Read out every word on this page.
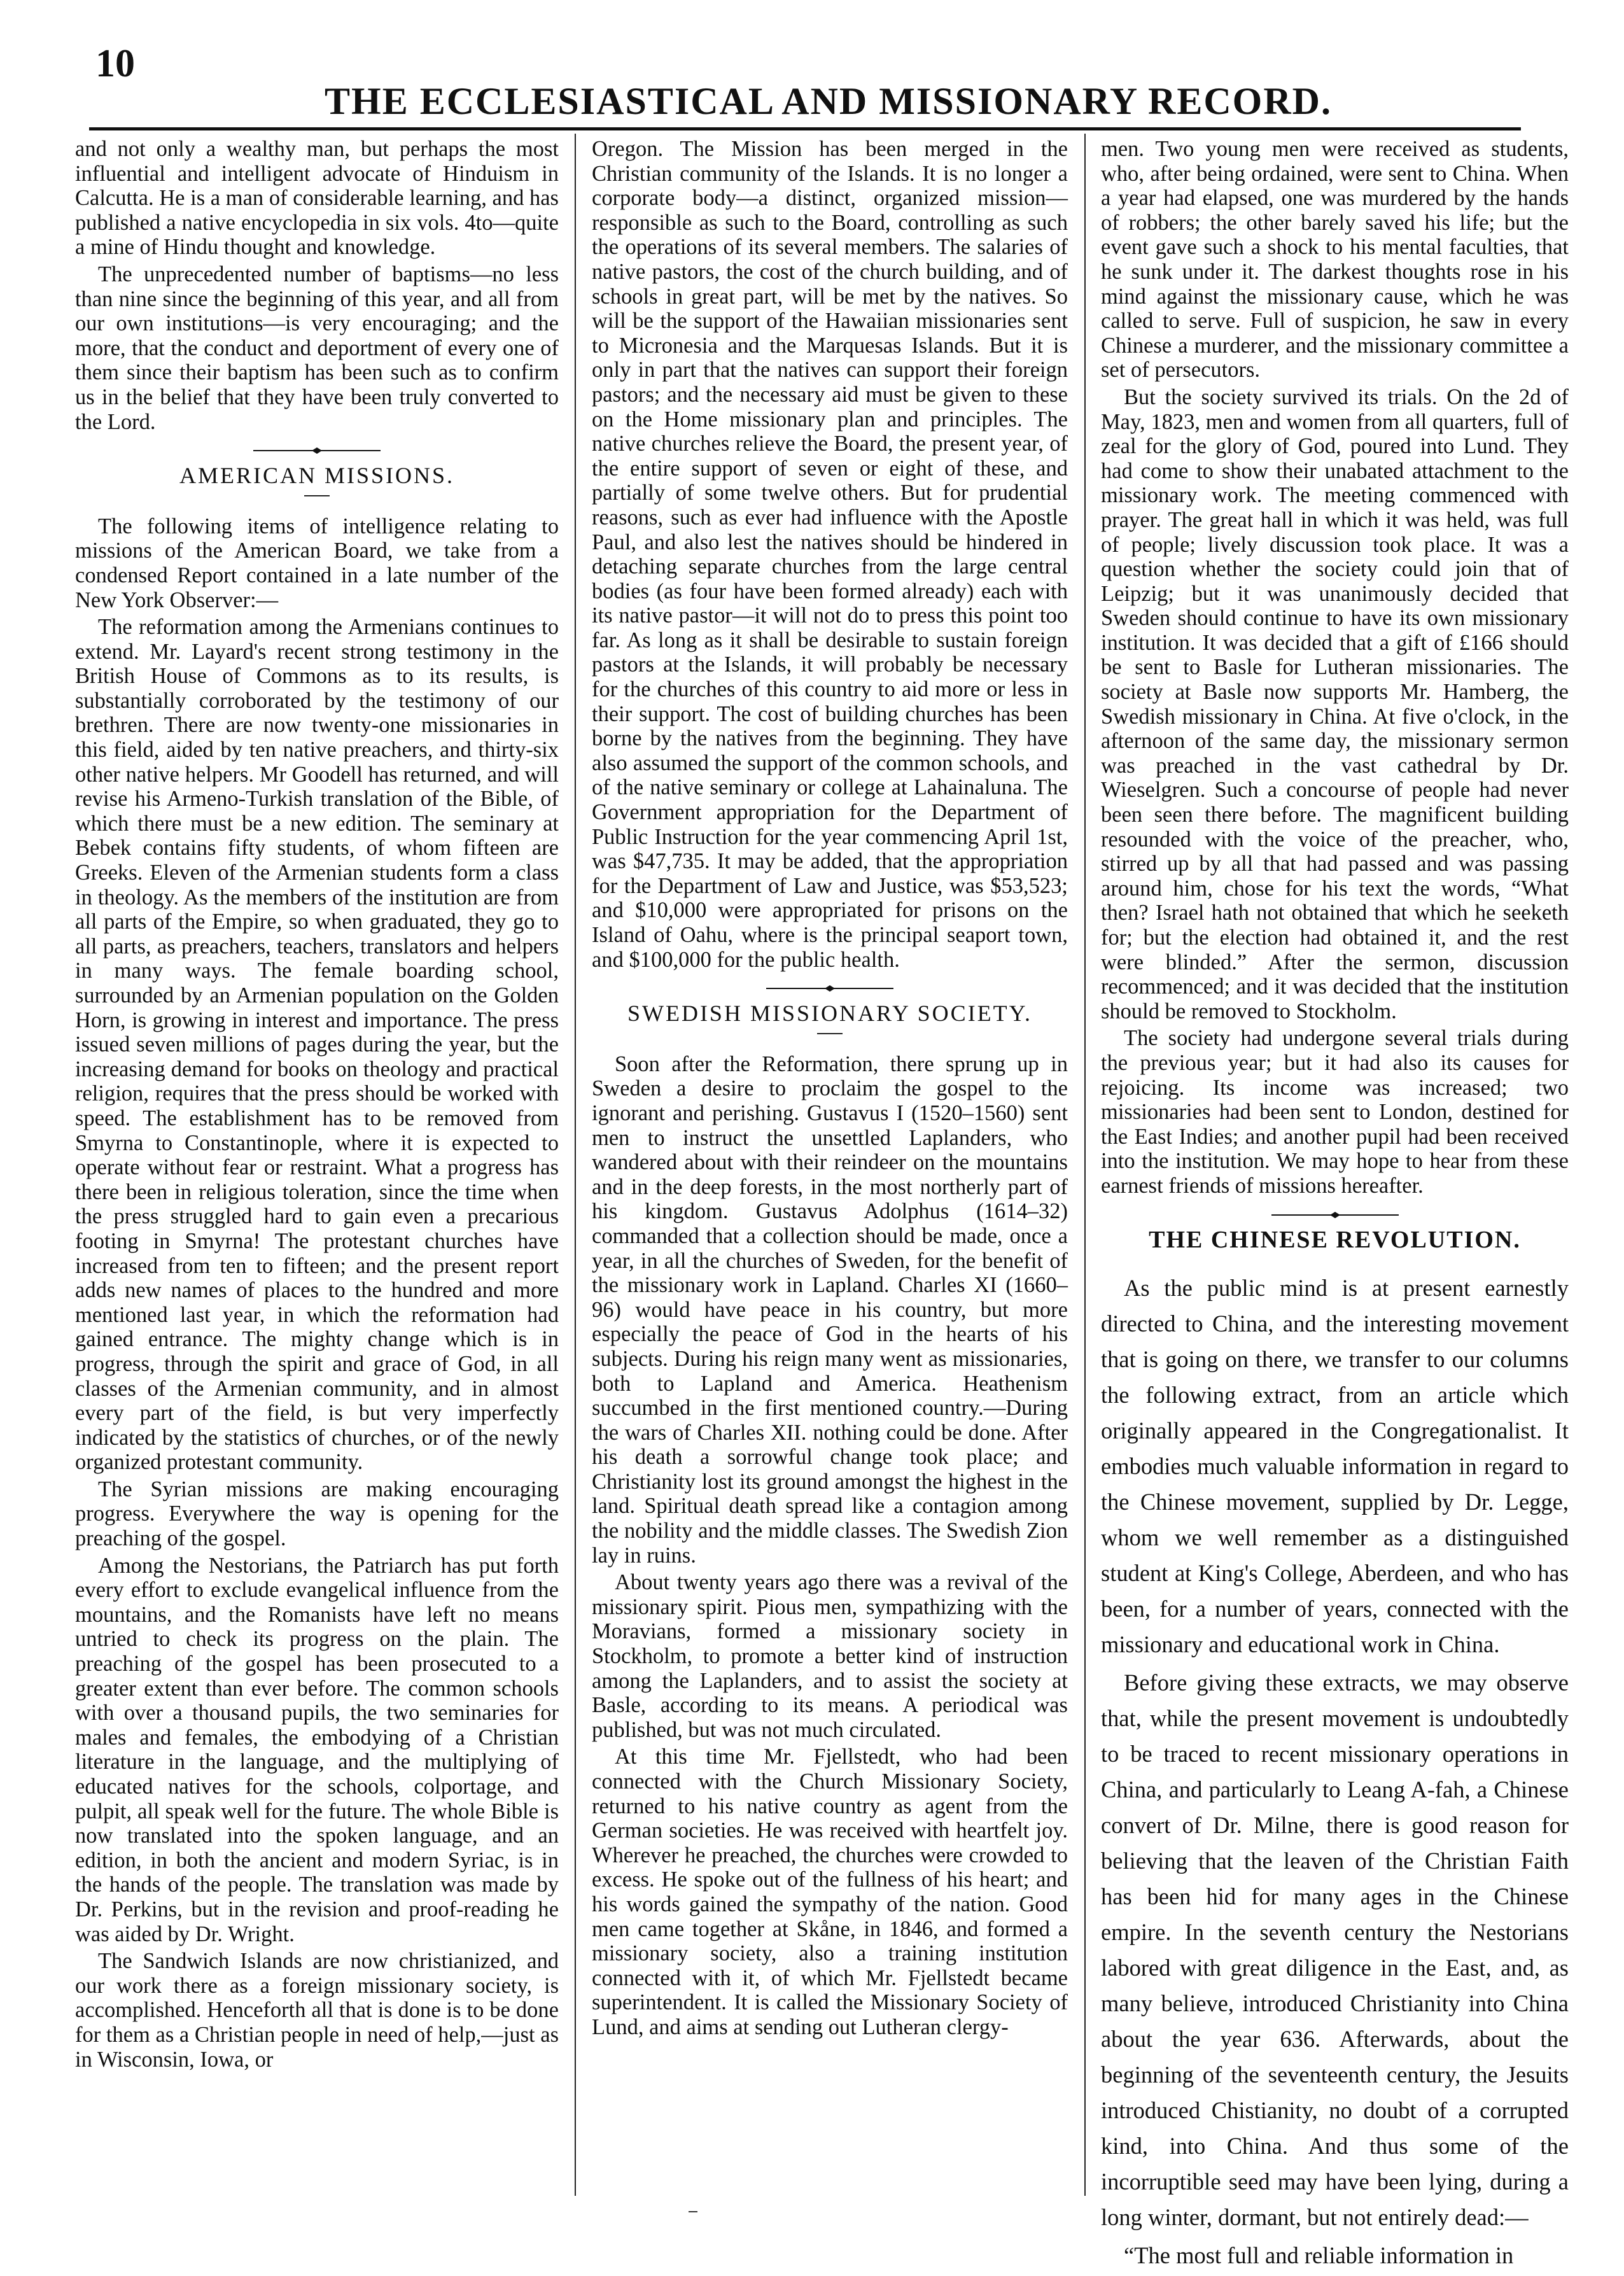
10
THE ECCLESIASTICAL AND MISSIONARY RECORD.

and not only a wealthy man, but perhaps the most influential and intelligent advocate of Hinduism in Calcutta. He is a man of considerable learning, and has published a native encyclopedia in six vols. 4to—quite a mine of Hindu thought and knowledge.

The unprecedented number of baptisms—no less than nine since the beginning of this year, and all from our own institutions—is very encouraging; and the more, that the conduct and deportment of every one of them since their baptism has been such as to confirm us in the belief that they have been truly converted to the Lord.

AMERICAN MISSIONS.

The following items of intelligence relating to missions of the American Board, we take from a condensed Report contained in a late number of the New York Observer:—

The reformation among the Armenians continues to extend. Mr. Layard's recent strong testimony in the British House of Commons as to its results, is substantially corroborated by the testimony of our brethren. There are now twenty-one missionaries in this field, aided by ten native preachers, and thirty-six other native helpers. Mr Goodell has returned, and will revise his Armeno-Turkish translation of the Bible, of which there must be a new edition. The seminary at Bebek contains fifty students, of whom fifteen are Greeks. Eleven of the Armenian students form a class in theology. As the members of the institution are from all parts of the Empire, so when graduated, they go to all parts, as preachers, teachers, translators and helpers in many ways. The female boarding school, surrounded by an Armenian population on the Golden Horn, is growing in interest and importance. The press issued seven millions of pages during the year, but the increasing demand for books on theology and practical religion, requires that the press should be worked with speed. The establishment has to be removed from Smyrna to Constantinople, where it is expected to operate without fear or restraint. What a progress has there been in religious toleration, since the time when the press struggled hard to gain even a precarious footing in Smyrna! The protestant churches have increased from ten to fifteen; and the present report adds new names of places to the hundred and more mentioned last year, in which the reformation had gained entrance. The mighty change which is in progress, through the spirit and grace of God, in all classes of the Armenian community, and in almost every part of the field, is but very imperfectly indicated by the statistics of churches, or of the newly organized protestant community.

The Syrian missions are making encouraging progress. Everywhere the way is opening for the preaching of the gospel.

Among the Nestorians, the Patriarch has put forth every effort to exclude evangelical influence from the mountains, and the Romanists have left no means untried to check its progress on the plain. The preaching of the gospel has been prosecuted to a greater extent than ever before. The common schools with over a thousand pupils, the two seminaries for males and females, the embodying of a Christian literature in the language, and the multiplying of educated natives for the schools, colportage, and pulpit, all speak well for the future. The whole Bible is now translated into the spoken language, and an edition, in both the ancient and modern Syriac, is in the hands of the people. The translation was made by Dr. Perkins, but in the revision and proof-reading he was aided by Dr. Wright.

The Sandwich Islands are now christianized, and our work there as a foreign missionary society, is accomplished. Henceforth all that is done is to be done for them as a Christian people in need of help,—just as in Wisconsin, Iowa, or

Oregon. The Mission has been merged in the Christian community of the Islands. It is no longer a corporate body—a distinct, organized mission—responsible as such to the Board, controlling as such the operations of its several members. The salaries of native pastors, the cost of the church building, and of schools in great part, will be met by the natives. So will be the support of the Hawaiian missionaries sent to Micronesia and the Marquesas Islands. But it is only in part that the natives can support their foreign pastors; and the necessary aid must be given to these on the Home missionary plan and principles. The native churches relieve the Board, the present year, of the entire support of seven or eight of these, and partially of some twelve others. But for prudential reasons, such as ever had influence with the Apostle Paul, and also lest the natives should be hindered in detaching separate churches from the large central bodies (as four have been formed already) each with its native pastor—it will not do to press this point too far. As long as it shall be desirable to sustain foreign pastors at the Islands, it will probably be necessary for the churches of this country to aid more or less in their support. The cost of building churches has been borne by the natives from the beginning. They have also assumed the support of the common schools, and of the native seminary or college at Lahainaluna. The Government appropriation for the Department of Public Instruction for the year commencing April 1st, was $47,735. It may be added, that the appropriation for the Department of Law and Justice, was $53,523; and $10,000 were appropriated for prisons on the Island of Oahu, where is the principal seaport town, and $100,000 for the public health.

SWEDISH MISSIONARY SOCIETY.

Soon after the Reformation, there sprung up in Sweden a desire to proclaim the gospel to the ignorant and perishing. Gustavus I (1520–1560) sent men to instruct the unsettled Laplanders, who wandered about with their reindeer on the mountains and in the deep forests, in the most northerly part of his kingdom. Gustavus Adolphus (1614–32) commanded that a collection should be made, once a year, in all the churches of Sweden, for the benefit of the missionary work in Lapland. Charles XI (1660–96) would have peace in his country, but more especially the peace of God in the hearts of his subjects. During his reign many went as missionaries, both to Lapland and America. Heathenism succumbed in the first mentioned country.—During the wars of Charles XII. nothing could be done. After his death a sorrowful change took place; and Christianity lost its ground amongst the highest in the land. Spiritual death spread like a contagion among the nobility and the middle classes. The Swedish Zion lay in ruins.

About twenty years ago there was a revival of the missionary spirit. Pious men, sympathizing with the Moravians, formed a missionary society in Stockholm, to promote a better kind of instruction among the Laplanders, and to assist the society at Basle, according to its means. A periodical was published, but was not much circulated.

At this time Mr. Fjellstedt, who had been connected with the Church Missionary Society, returned to his native country as agent from the German societies. He was received with heartfelt joy. Wherever he preached, the churches were crowded to excess. He spoke out of the fullness of his heart; and his words gained the sympathy of the nation. Good men came together at Skåne, in 1846, and formed a missionary society, also a training institution connected with it, of which Mr. Fjellstedt became superintendent. It is called the Missionary Society of Lund, and aims at sending out Lutheran clergy-

men. Two young men were received as students, who, after being ordained, were sent to China. When a year had elapsed, one was murdered by the hands of robbers; the other barely saved his life; but the event gave such a shock to his mental faculties, that he sunk under it. The darkest thoughts rose in his mind against the missionary cause, which he was called to serve. Full of suspicion, he saw in every Chinese a murderer, and the missionary committee a set of persecutors.

But the society survived its trials. On the 2d of May, 1823, men and women from all quarters, full of zeal for the glory of God, poured into Lund. They had come to show their unabated attachment to the missionary work. The meeting commenced with prayer. The great hall in which it was held, was full of people; lively discussion took place. It was a question whether the society could join that of Leipzig; but it was unanimously decided that Sweden should continue to have its own missionary institution. It was decided that a gift of £166 should be sent to Basle for Lutheran missionaries. The society at Basle now supports Mr. Hamberg, the Swedish missionary in China. At five o'clock, in the afternoon of the same day, the missionary sermon was preached in the vast cathedral by Dr. Wieselgren. Such a concourse of people had never been seen there before. The magnificent building resounded with the voice of the preacher, who, stirred up by all that had passed and was passing around him, chose for his text the words, “What then? Israel hath not obtained that which he seeketh for; but the election had obtained it, and the rest were blinded.” After the sermon, discussion recommenced; and it was decided that the institution should be removed to Stockholm.

The society had undergone several trials during the previous year; but it had also its causes for rejoicing. Its income was increased; two missionaries had been sent to London, destined for the East Indies; and another pupil had been received into the institution. We may hope to hear from these earnest friends of missions hereafter.

THE CHINESE REVOLUTION.

As the public mind is at present earnestly directed to China, and the interesting movement that is going on there, we transfer to our columns the following extract, from an article which originally appeared in the Congregationalist. It embodies much valuable information in regard to the Chinese movement, supplied by Dr. Legge, whom we well remember as a distinguished student at King's College, Aberdeen, and who has been, for a number of years, connected with the missionary and educational work in China.

Before giving these extracts, we may observe that, while the present movement is undoubtedly to be traced to recent missionary operations in China, and particularly to Leang A-fah, a Chinese convert of Dr. Milne, there is good reason for believing that the leaven of the Christian Faith has been hid for many ages in the Chinese empire. In the seventh century the Nestorians labored with great diligence in the East, and, as many believe, introduced Christianity into China about the year 636. Afterwards, about the beginning of the seventeenth century, the Jesuits introduced Chistianity, no doubt of a corrupted kind, into China. And thus some of the incorruptible seed may have been lying, during a long winter, dormant, but not entirely dead:—

“The most full and reliable information in
